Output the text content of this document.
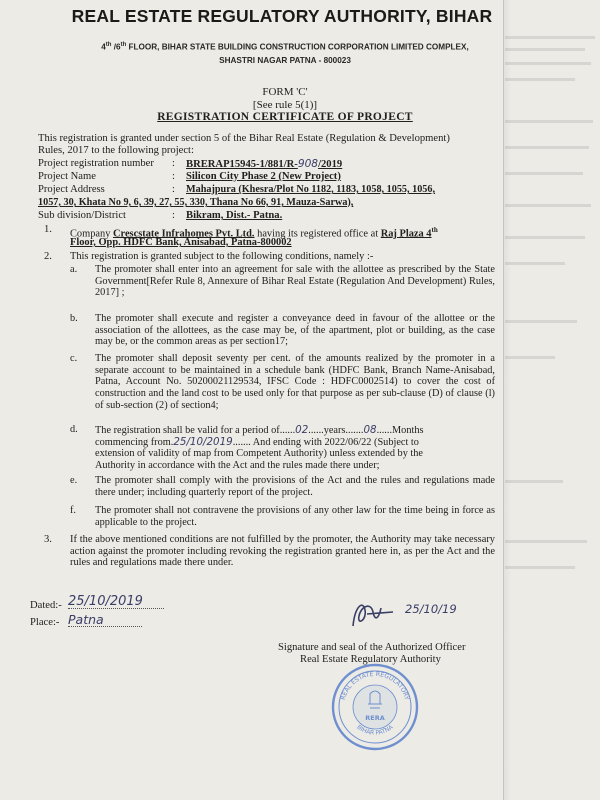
REAL ESTATE REGULATORY AUTHORITY, BIHAR
4th /6th FLOOR, BIHAR STATE BUILDING CONSTRUCTION CORPORATION LIMITED COMPLEX,
SHASTRI NAGAR PATNA - 800023
FORM 'C'
[See rule 5(1)]
REGISTRATION CERTIFICATE OF PROJECT
This registration is granted under section 5 of the Bihar Real Estate (Regulation & Development)
Rules, 2017 to the following project:
Project registration number : BRERAP15945-1/881/R-908/2019
Project Name	: Silicon City Phase 2 (New Project)
Project Address	: Mahajpura (Khesra/Plot No 1182, 1183, 1058, 1055, 1056,
1057, 30, Khata No 9, 6, 39, 27, 55, 330, Thana No 66, 91, Mauza-Sarwa),
Sub division/District	: Bikram, Dist.- Patna.
1. Company Crescstate Infrahomes Pvt. Ltd. having its registered office at Raj Plaza 4th
Floor, Opp. HDFC Bank, Anisabad, Patna-800002
2. This registration is granted subject to the following conditions, namely :-
a. The promoter shall enter into an agreement for sale with the allottee as prescribed by the State Government[Refer Rule 8, Annexure of Bihar Real Estate (Regulation And Development) Rules, 2017] ;
b. The promoter shall execute and register a conveyance deed in favour of the allottee or the association of the allottees, as the case may be, of the apartment, plot or building, as the case may be, or the common areas as per section17;
c. The promoter shall deposit seventy per cent. of the amounts realized by the promoter in a separate account to be maintained in a schedule bank (HDFC Bank, Branch Name-Anisabad, Patna, Account No. 50200021129534, IFSC Code : HDFC0002514) to cover the cost of construction and the land cost to be used only for that purpose as per sub-clause (D) of clause (l) of sub-section (2) of section4;
d. The registration shall be valid for a period of......02......years.......08......Months
commencing from.25/10/2019....... And ending with 2022/06/22 (Subject to
extension of validity of map from Competent Authority) unless extended by the
Authority in accordance with the Act and the rules made there under;
e. The promoter shall comply with the provisions of the Act and the rules and regulations made there under; including quarterly report of the project.
f. The promoter shall not contravene the provisions of any other law for the time being in force as applicable to the project.
3. If the above mentioned conditions are not fulfilled by the promoter, the Authority may take necessary action against the promoter including revoking the registration granted here in, as per the Act and the rules and regulations made there under.
Dated:- 25/10/2019
Place:- Patna
25/10/19
Signature and seal of the Authorized Officer
Real Estate Regulatory Authority
REAL ESTATE REGULATORY
BIHAR PATNA
RERA
